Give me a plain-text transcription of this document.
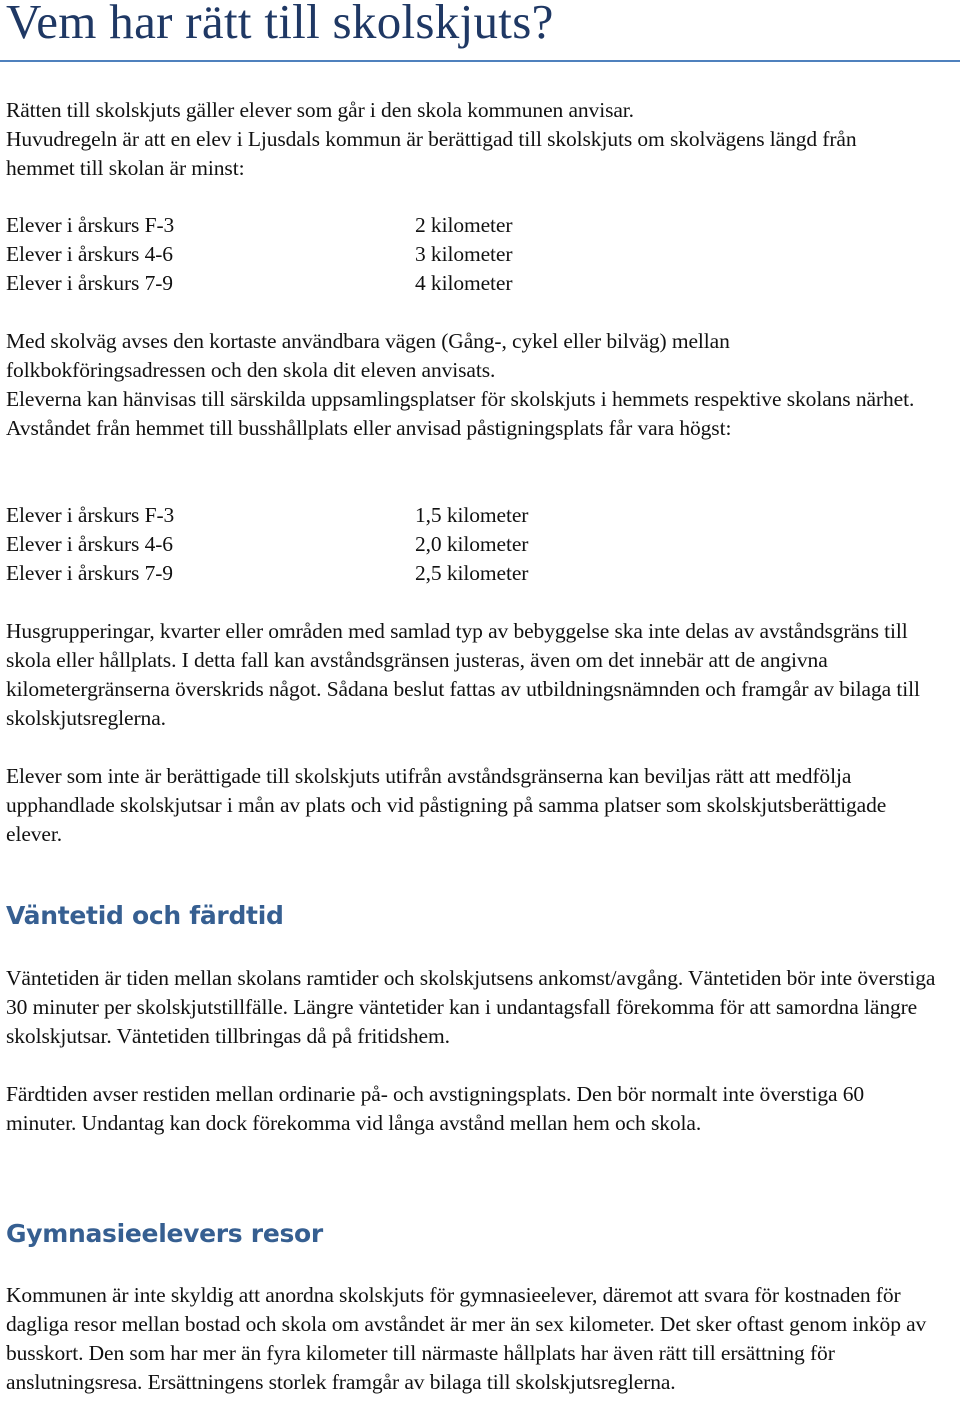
Vem har rätt till skolskjuts?

Rätten till skolskjuts gäller elever som går i den skola kommunen anvisar.

Huvudregeln är att en elev i Ljusdals kommun är berättigad till skolskjuts om skolvägens längd från hemmet till skolan är minst:

Elever i årskurs F-3	2 kilometer
Elever i årskurs 4-6	3 kilometer
Elever i årskurs 7-9	4 kilometer

Med skolväg avses den kortaste användbara vägen (Gång-, cykel eller bilväg) mellan folkbokföringsadressen och den skola dit eleven anvisats.

Eleverna kan hänvisas till särskilda uppsamlingsplatser för skolskjuts i hemmets respektive skolans närhet. Avståndet från hemmet till busshållplats eller anvisad påstigningsplats får vara högst:

Elever i årskurs F-3	1,5 kilometer
Elever i årskurs 4-6	2,0 kilometer
Elever i årskurs 7-9	2,5 kilometer

Husgrupperingar, kvarter eller områden med samlad typ av bebyggelse ska inte delas av avståndsgräns till skola eller hållplats. I detta fall kan avståndsgränsen justeras, även om det innebär att de angivna kilometergränserna överskrids något. Sådana beslut fattas av utbildningsnämnden och framgår av bilaga till skolskjutsreglerna.

Elever som inte är berättigade till skolskjuts utifrån avståndsgränserna kan beviljas rätt att medfölja upphandlade skolskjutsar i mån av plats och vid påstigning på samma platser som skolskjutsberättigade elever.

Väntetid och färdtid

Väntetiden är tiden mellan skolans ramtider och skolskjutsens ankomst/avgång. Väntetiden bör inte överstiga 30 minuter per skolskjutstillfälle. Längre väntetider kan i undantagsfall förekomma för att samordna längre skolskjutsar. Väntetiden tillbringas då på fritidshem.

Färdtiden avser restiden mellan ordinarie på- och avstigningsplats. Den bör normalt inte överstiga 60 minuter. Undantag kan dock förekomma vid långa avstånd mellan hem och skola.

Gymnasieelevers resor

Kommunen är inte skyldig att anordna skolskjuts för gymnasieelever, däremot att svara för kostnaden för dagliga resor mellan bostad och skola om avståndet är mer än sex kilometer. Det sker oftast genom inköp av busskort. Den som har mer än fyra kilometer till närmaste hållplats har även rätt till ersättning för anslutningsresa. Ersättningens storlek framgår av bilaga till skolskjutsreglerna.
